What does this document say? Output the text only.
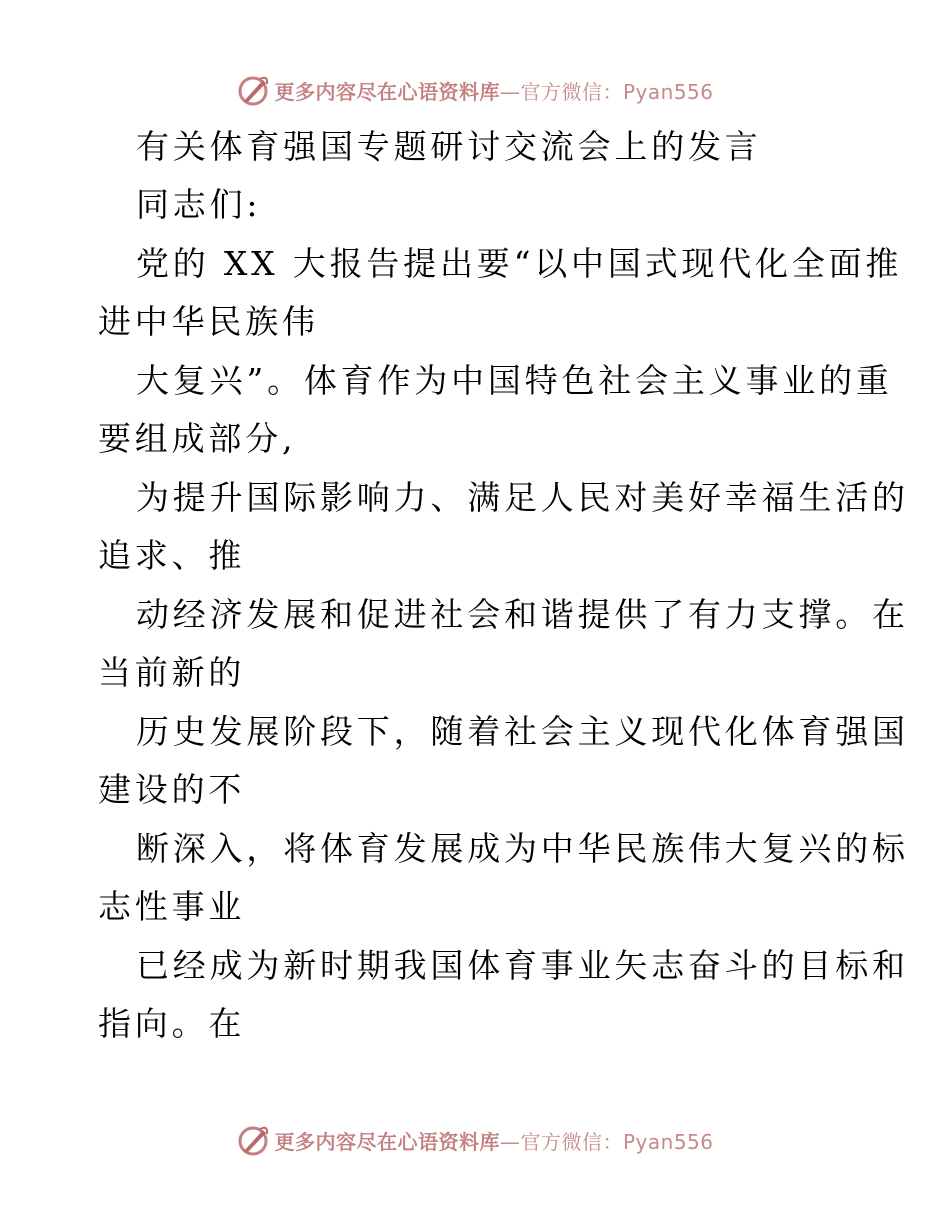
更多内容尽在心语资料库—官方微信：Pyan556
有关体育强国专题研讨交流会上的发言
同志们:
党的 XX 大报告提出要“以中国式现代化全面推
进中华民族伟
大复兴”。体育作为中国特色社会主义事业的重
要组成部分,
为提升国际影响力、满足人民对美好幸福生活的
追求、推
动经济发展和促进社会和谐提供了有力支撑。在
当前新的
历史发展阶段下，随着社会主义现代化体育强国
建设的不
断深入，将体育发展成为中华民族伟大复兴的标
志性事业
已经成为新时期我国体育事业矢志奋斗的目标和
指向。在
更多内容尽在心语资料库—官方微信：Pyan556
